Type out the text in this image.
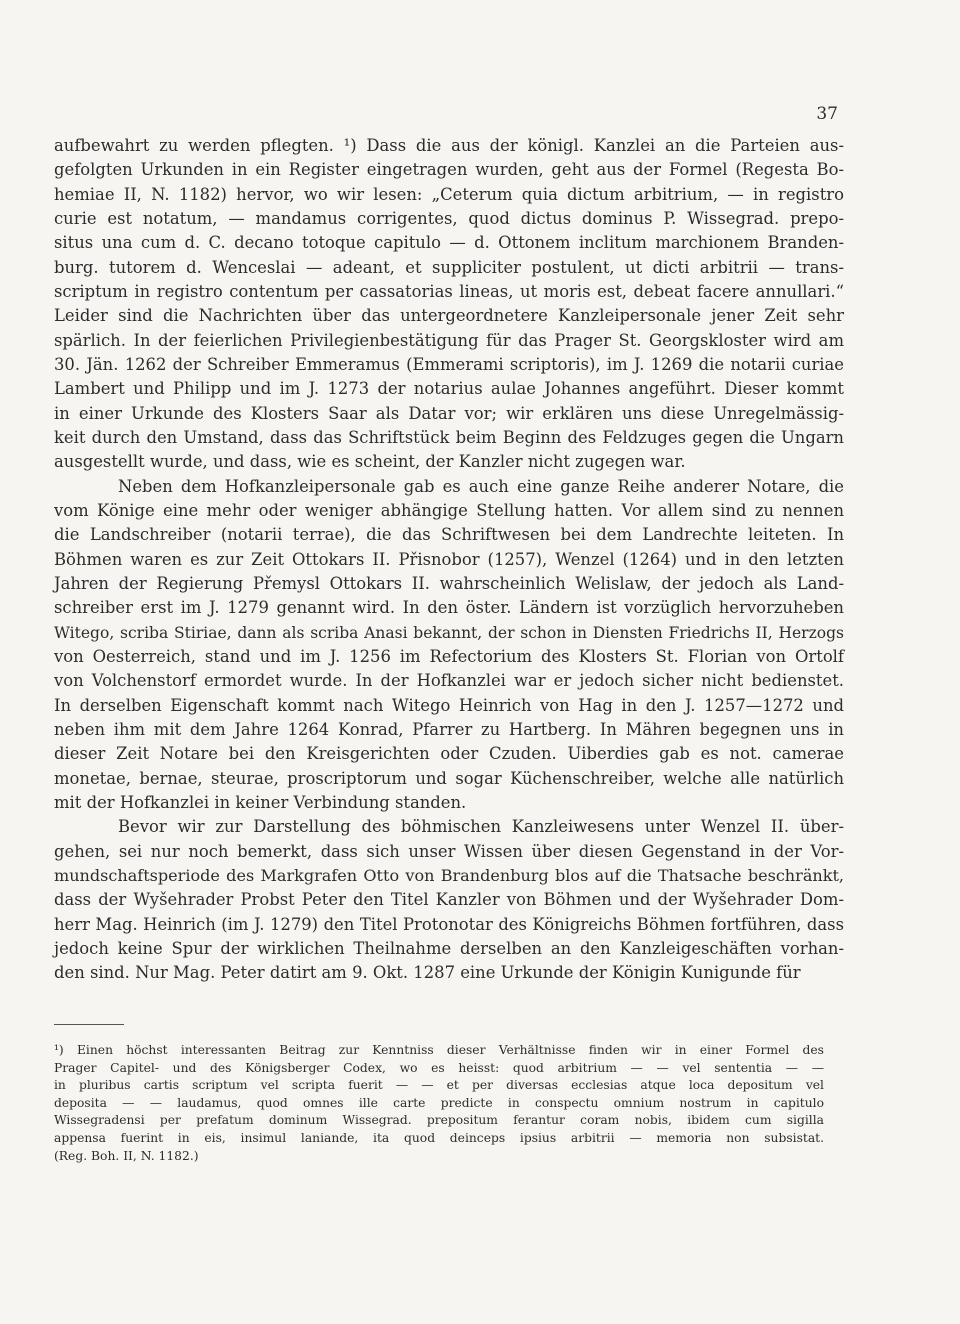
37
aufbewahrt zu werden pflegten. ¹) Dass die aus der königl. Kanzlei an die Parteien aus-
gefolgten Urkunden in ein Register eingetragen wurden, geht aus der Formel (Regesta Bo-
hemiae II, N. 1182) hervor, wo wir lesen: „Ceterum quia dictum arbitrium, — in registro
curie est notatum, — mandamus corrigentes, quod dictus dominus P. Wissegrad. prepo-
situs una cum d. C. decano totoque capitulo — d. Ottonem inclitum marchionem Branden-
burg. tutorem d. Wenceslai — adeant, et suppliciter postulent, ut dicti arbitrii — trans-
scriptum in registro contentum per cassatorias lineas, ut moris est, debeat facere annullari.“
Leider sind die Nachrichten über das untergeordnetere Kanzleipersonale jener Zeit sehr
spärlich. In der feierlichen Privilegienbestätigung für das Prager St. Georgskloster wird am
30. Jän. 1262 der Schreiber Emmeramus (Emmerami scriptoris), im J. 1269 die notarii curiae
Lambert und Philipp und im J. 1273 der notarius aulae Johannes angeführt. Dieser kommt
in einer Urkunde des Klosters Saar als Datar vor; wir erklären uns diese Unregelmässig-
keit durch den Umstand, dass das Schriftstück beim Beginn des Feldzuges gegen die Ungarn
ausgestellt wurde, und dass, wie es scheint, der Kanzler nicht zugegen war.
Neben dem Hofkanzleipersonale gab es auch eine ganze Reihe anderer Notare, die
vom Könige eine mehr oder weniger abhängige Stellung hatten. Vor allem sind zu nennen
die Landschreiber (notarii terrae), die das Schriftwesen bei dem Landrechte leiteten. In
Böhmen waren es zur Zeit Ottokars II. Přisnobor (1257), Wenzel (1264) und in den letzten
Jahren der Regierung Přemysl Ottokars II. wahrscheinlich Welislaw, der jedoch als Land-
schreiber erst im J. 1279 genannt wird. In den öster. Ländern ist vorzüglich hervorzuheben
Witego, scriba Stiriae, dann als scriba Anasi bekannt, der schon in Diensten Friedrichs II, Herzogs
von Oesterreich, stand und im J. 1256 im Refectorium des Klosters St. Florian von Ortolf
von Volchenstorf ermordet wurde. In der Hofkanzlei war er jedoch sicher nicht bedienstet.
In derselben Eigenschaft kommt nach Witego Heinrich von Hag in den J. 1257—1272 und
neben ihm mit dem Jahre 1264 Konrad, Pfarrer zu Hartberg. In Mähren begegnen uns in
dieser Zeit Notare bei den Kreisgerichten oder Czuden. Uiberdies gab es not. camerae
monetae, bernae, steurae, proscriptorum und sogar Küchenschreiber, welche alle natürlich
mit der Hofkanzlei in keiner Verbindung standen.
Bevor wir zur Darstellung des böhmischen Kanzleiwesens unter Wenzel II. über-
gehen, sei nur noch bemerkt, dass sich unser Wissen über diesen Gegenstand in der Vor-
mundschaftsperiode des Markgrafen Otto von Brandenburg blos auf die Thatsache beschränkt,
dass der Wyšehrader Probst Peter den Titel Kanzler von Böhmen und der Wyšehrader Dom-
herr Mag. Heinrich (im J. 1279) den Titel Protonotar des Königreichs Böhmen fortführen, dass
jedoch keine Spur der wirklichen Theilnahme derselben an den Kanzleigeschäften vorhan-
den sind. Nur Mag. Peter datirt am 9. Okt. 1287 eine Urkunde der Königin Kunigunde für
¹) Einen höchst interessanten Beitrag zur Kenntniss dieser Verhältnisse finden wir in einer Formel des
Prager Capitel- und des Königsberger Codex, wo es heisst: quod arbitrium — — vel sententia — —
in pluribus cartis scriptum vel scripta fuerit — — et per diversas ecclesias atque loca depositum vel
deposita — — laudamus, quod omnes ille carte predicte in conspectu omnium nostrum in capitulo
Wissegradensi per prefatum dominum Wissegrad. prepositum ferantur coram nobis, ibidem cum sigilla
appensa fuerint in eis, insimul laniande, ita quod deinceps ipsius arbitrii — memoria non subsistat.
(Reg. Boh. II, N. 1182.)
